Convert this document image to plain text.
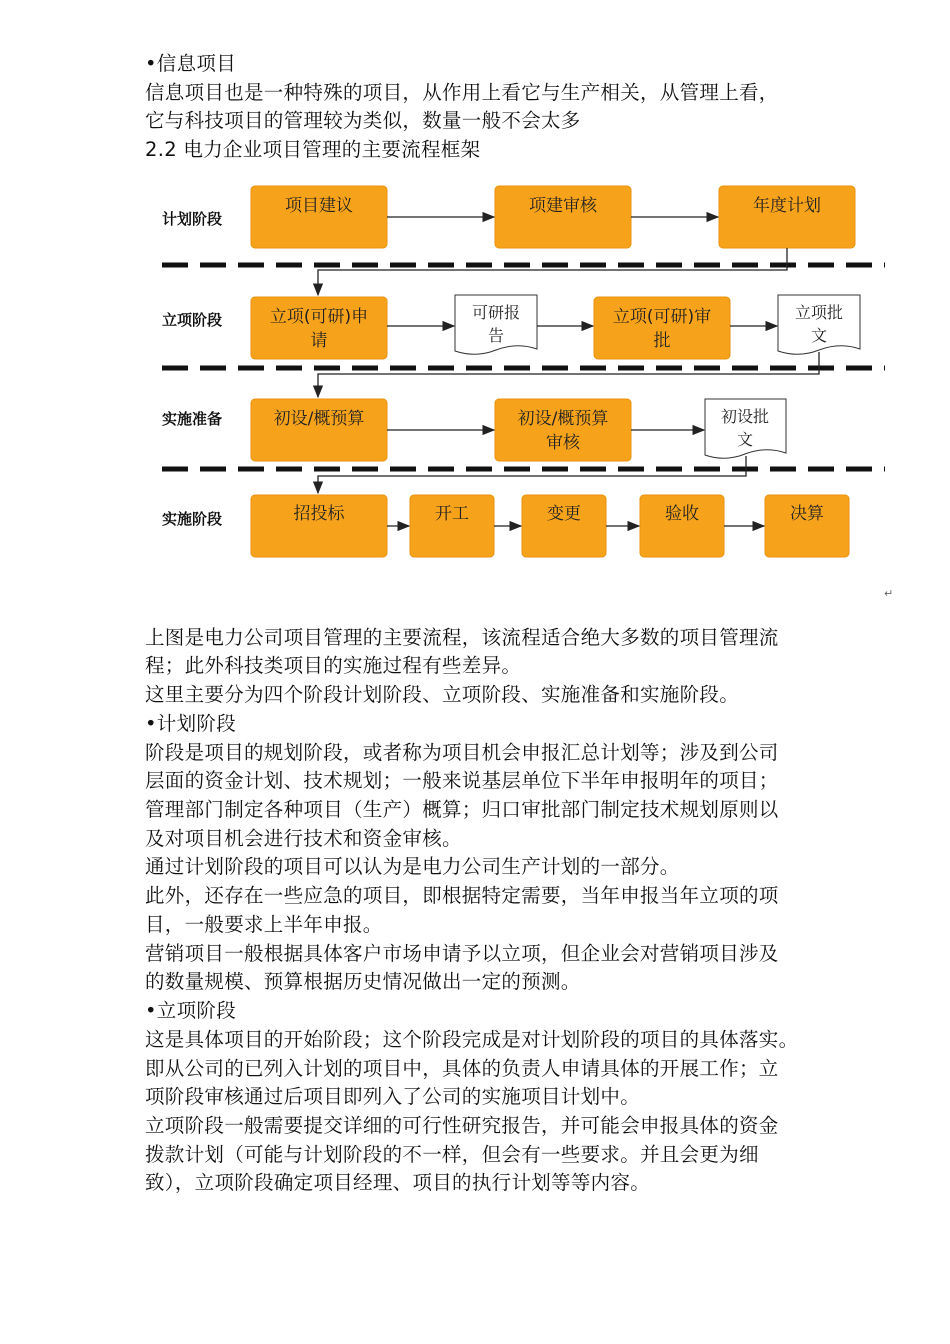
•信息项目
信息项目也是一种特殊的项目，从作用上看它与生产相关，从管理上看，
它与科技项目的管理较为类似，数量一般不会太多
2.2 电力企业项目管理的主要流程框架
计划阶段
立项阶段
实施准备
实施阶段
项目建议	项建审核	年度计划
立项(可研)申
请
可研报
告
立项(可研)审
批
立项批
文
初设/概预算	初设/概预算
审核
初设批
文
招投标	开工	变更	验收	决算
↵
上图是电力公司项目管理的主要流程，该流程适合绝大多数的项目管理流
程；此外科技类项目的实施过程有些差异。
这里主要分为四个阶段计划阶段、立项阶段、实施准备和实施阶段。
•计划阶段
阶段是项目的规划阶段，或者称为项目机会申报汇总计划等；涉及到公司
层面的资金计划、技术规划；一般来说基层单位下半年申报明年的项目；
管理部门制定各种项目（生产）概算；归口审批部门制定技术规划原则以
及对项目机会进行技术和资金审核。
通过计划阶段的项目可以认为是电力公司生产计划的一部分。
此外，还存在一些应急的项目，即根据特定需要，当年申报当年立项的项
目，一般要求上半年申报。
营销项目一般根据具体客户市场申请予以立项，但企业会对营销项目涉及
的数量规模、预算根据历史情况做出一定的预测。
•立项阶段
这是具体项目的开始阶段；这个阶段完成是对计划阶段的项目的具体落实。
即从公司的已列入计划的项目中，具体的负责人申请具体的开展工作；立
项阶段审核通过后项目即列入了公司的实施项目计划中。
立项阶段一般需要提交详细的可行性研究报告，并可能会申报具体的资金
拨款计划（可能与计划阶段的不一样，但会有一些要求。并且会更为细
致），立项阶段确定项目经理、项目的执行计划等等内容。
